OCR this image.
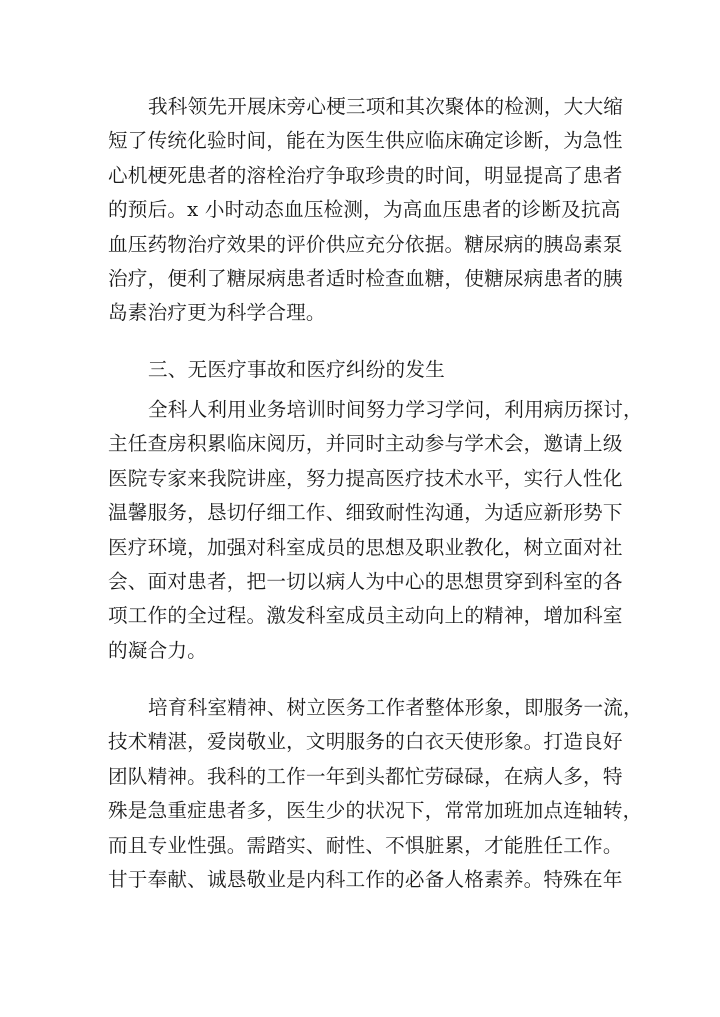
我科领先开展床旁心梗三项和其次聚体的检测，大大缩
短了传统化验时间，能在为医生供应临床确定诊断，为急性
心机梗死患者的溶栓治疗争取珍贵的时间，明显提高了患者
的预后。x 小时动态血压检测，为高血压患者的诊断及抗高
血压药物治疗效果的评价供应充分依据。糖尿病的胰岛素泵
治疗，便利了糖尿病患者适时检查血糖，使糖尿病患者的胰
岛素治疗更为科学合理。
三、无医疗事故和医疗纠纷的发生
全科人利用业务培训时间努力学习学问，利用病历探讨，
主任查房积累临床阅历，并同时主动参与学术会，邀请上级
医院专家来我院讲座，努力提高医疗技术水平，实行人性化
温馨服务，恳切仔细工作、细致耐性沟通，为适应新形势下
医疗环境，加强对科室成员的思想及职业教化，树立面对社
会、面对患者，把一切以病人为中心的思想贯穿到科室的各
项工作的全过程。激发科室成员主动向上的精神，增加科室
的凝合力。
培育科室精神、树立医务工作者整体形象，即服务一流，
技术精湛，爱岗敬业，文明服务的白衣天使形象。打造良好
团队精神。我科的工作一年到头都忙劳碌碌，在病人多，特
殊是急重症患者多，医生少的状况下，常常加班加点连轴转，
而且专业性强。需踏实、耐性、不惧脏累，才能胜任工作。
甘于奉献、诚恳敬业是内科工作的必备人格素养。特殊在年
